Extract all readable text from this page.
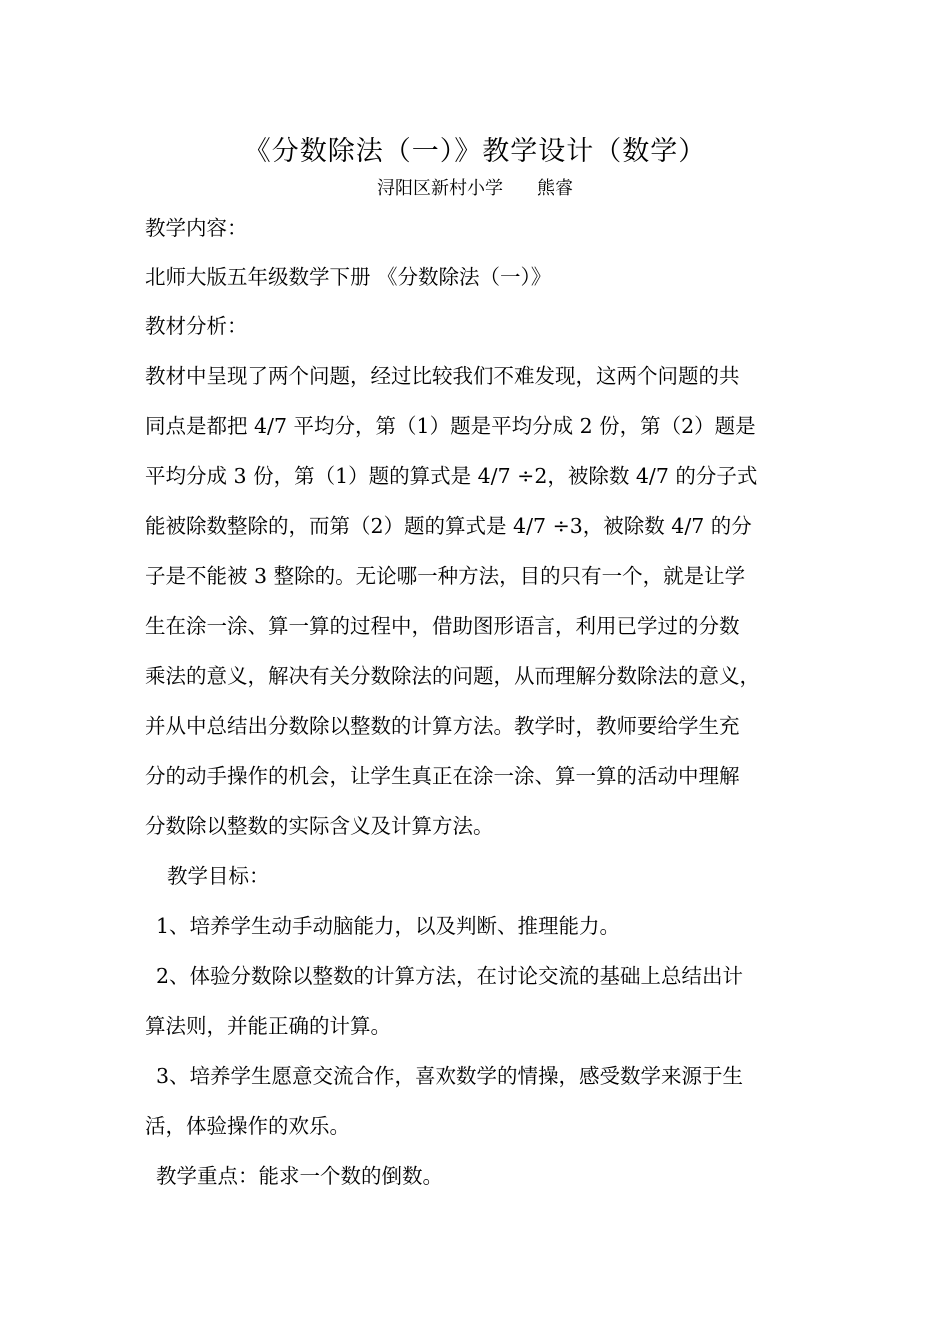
《分数除法（一）》教学设计（数学）
浔阳区新村小学 熊睿
教学内容：
北师大版五年级数学下册 《分数除法（一）》
教材分析：
教材中呈现了两个问题，经过比较我们不难发现，这两个问题的共
同点是都把 4/7 平均分，第（1）题是平均分成 2 份，第（2）题是
平均分成 3 份，第（1）题的算式是 4/7 ÷2，被除数 4/7 的分子式
能被除数整除的，而第（2）题的算式是 4/7 ÷3，被除数 4/7 的分
子是不能被 3 整除的。无论哪一种方法，目的只有一个，就是让学
生在涂一涂、算一算的过程中，借助图形语言，利用已学过的分数
乘法的意义，解决有关分数除法的问题，从而理解分数除法的意义，
并从中总结出分数除以整数的计算方法。教学时，教师要给学生充
分的动手操作的机会，让学生真正在涂一涂、算一算的活动中理解
分数除以整数的实际含义及计算方法。
教学目标：
1、培养学生动手动脑能力，以及判断、推理能力。
2、体验分数除以整数的计算方法，在讨论交流的基础上总结出计
算法则，并能正确的计算。
3、培养学生愿意交流合作，喜欢数学的情操，感受数学来源于生
活，体验操作的欢乐。
教学重点：能求一个数的倒数。
